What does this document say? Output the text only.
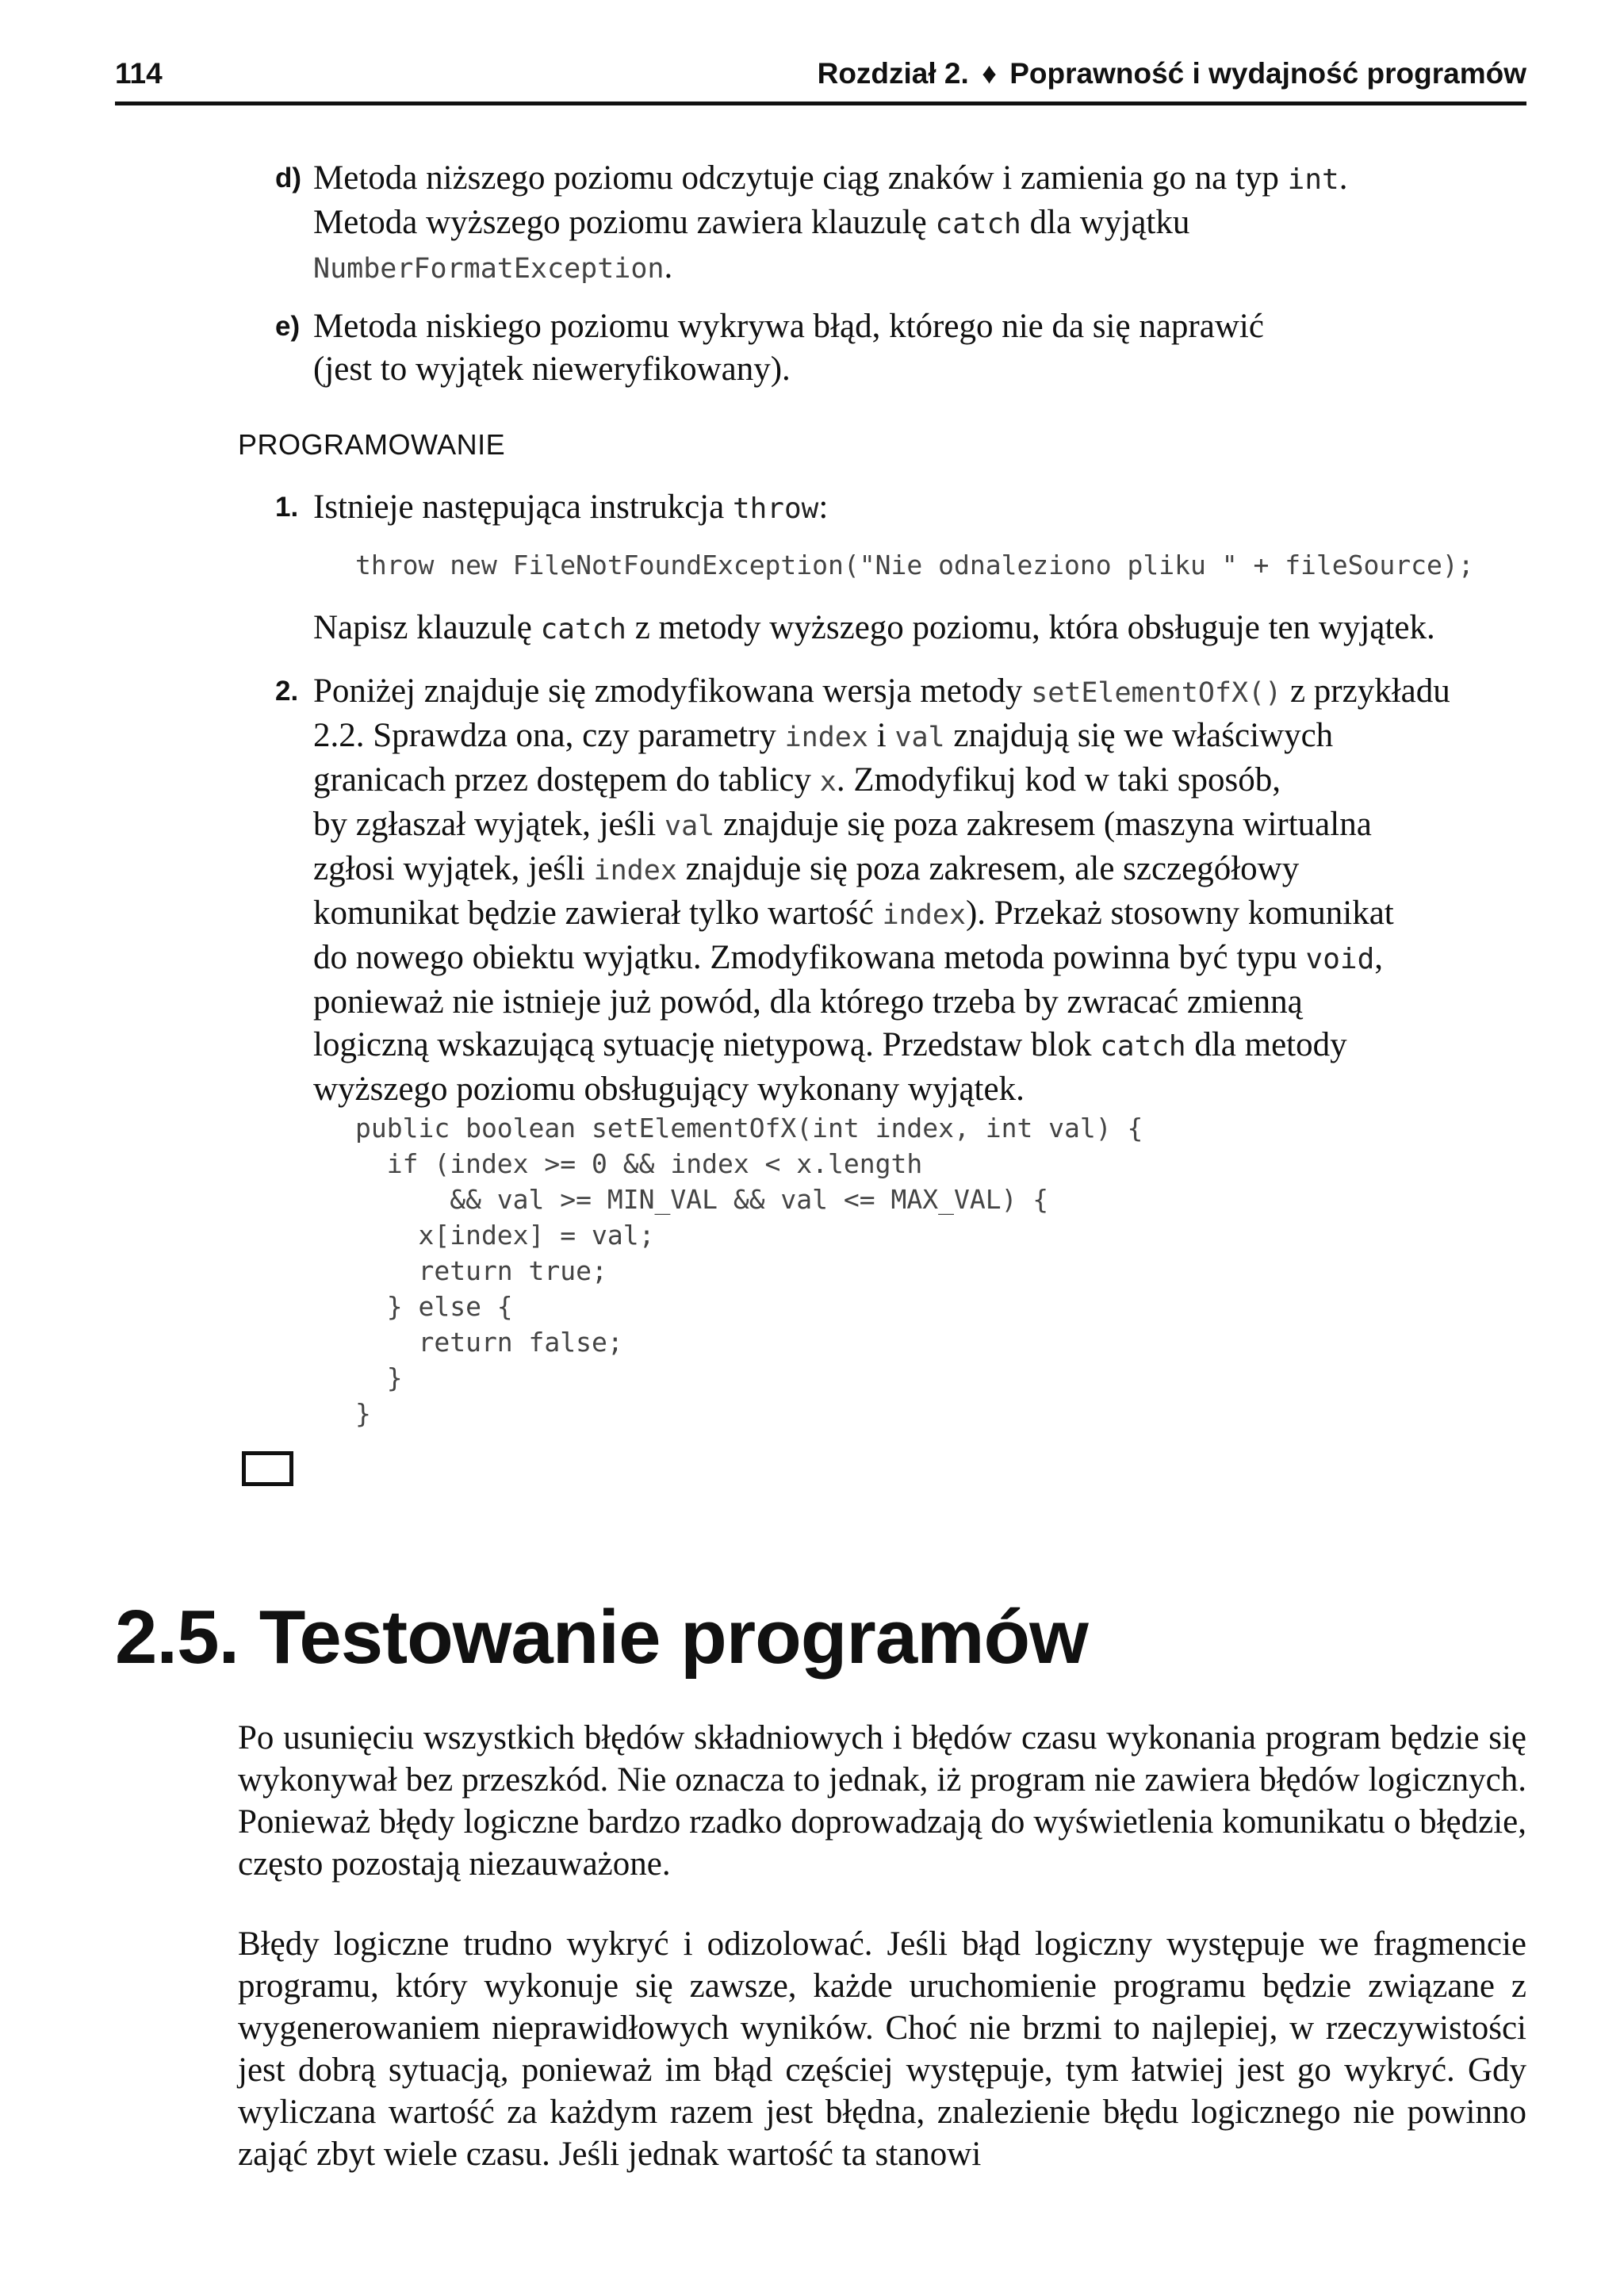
114	Rozdział 2. ♦ Poprawność i wydajność programów
d) Metoda niższego poziomu odczytuje ciąg znaków i zamienia go na typ int.
Metoda wyższego poziomu zawiera klauzulę catch dla wyjątku
NumberFormatException.
e) Metoda niskiego poziomu wykrywa błąd, którego nie da się naprawić
(jest to wyjątek nieweryfikowany).
PROGRAMOWANIE
1. Istnieje następująca instrukcja throw:
throw new FileNotFoundException("Nie odnaleziono pliku " + fileSource);
Napisz klauzulę catch z metody wyższego poziomu, która obsługuje ten wyjątek.
2. Poniżej znajduje się zmodyfikowana wersja metody setElementOfX() z przykładu
2.2. Sprawdza ona, czy parametry index i val znajdują się we właściwych
granicach przez dostępem do tablicy x. Zmodyfikuj kod w taki sposób,
by zgłaszał wyjątek, jeśli val znajduje się poza zakresem (maszyna wirtualna
zgłosi wyjątek, jeśli index znajduje się poza zakresem, ale szczegółowy
komunikat będzie zawierał tylko wartość index). Przekaż stosowny komunikat
do nowego obiektu wyjątku. Zmodyfikowana metoda powinna być typu void,
ponieważ nie istnieje już powód, dla którego trzeba by zwracać zmienną
logiczną wskazującą sytuację nietypową. Przedstaw blok catch dla metody
wyższego poziomu obsługujący wykonany wyjątek.
public boolean setElementOfX(int index, int val) {
if (index >= 0 && index < x.length
&& val >= MIN_VAL && val <= MAX_VAL) {
x[index] = val;
return true;
} else {
return false;
}
}
2.5. Testowanie programów

Po usunięciu wszystkich błędów składniowych i błędów czasu wykonania program będzie się wykonywał bez przeszkód. Nie oznacza to jednak, iż program nie zawiera błędów logicznych. Ponieważ błędy logiczne bardzo rzadko doprowadzają do wyświetlenia komunikatu o błędzie, często pozostają niezauważone.

Błędy logiczne trudno wykryć i odizolować. Jeśli błąd logiczny występuje we fragmencie programu, który wykonuje się zawsze, każde uruchomienie programu będzie związane z wygenerowaniem nieprawidłowych wyników. Choć nie brzmi to najlepiej, w rzeczywistości jest dobrą sytuacją, ponieważ im błąd częściej występuje, tym łatwiej jest go wykryć. Gdy wyliczana wartość za każdym razem jest błędna, znalezienie błędu logicznego nie powinno zająć zbyt wiele czasu. Jeśli jednak wartość ta stanowi
